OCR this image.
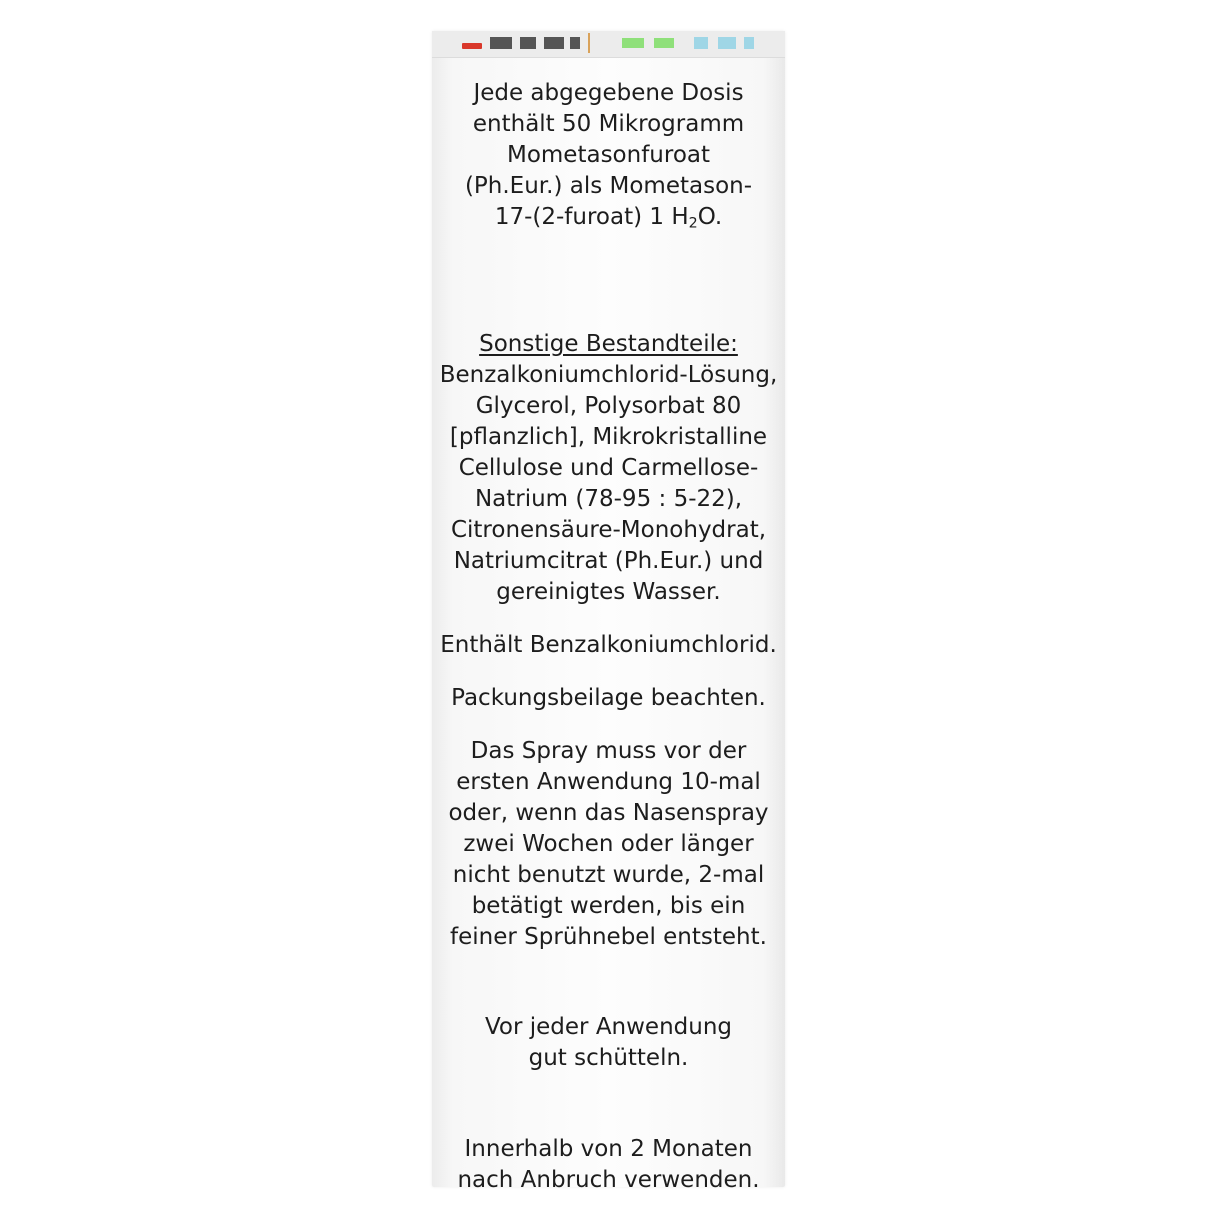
Jede abgegebene Dosis
enthält 50 Mikrogramm
Mometasonfuroat
(Ph.Eur.) als Mometason-
17-(2-furoat) 1 $H_2O$.
Sonstige Bestandteile:
Benzalkoniumchlorid-Lösung,
Glycerol, Polysorbat 80
[pflanzlich], Mikrokristalline
Cellulose und Carmellose-
Natrium (78-95 : 5-22),
Citronensäure-Monohydrat,
Natriumcitrat (Ph.Eur.) und
gereinigtes Wasser.
Enthält Benzalkoniumchlorid.
Packungsbeilage beachten.
Das Spray muss vor der
ersten Anwendung 10-mal
oder, wenn das Nasenspray
zwei Wochen oder länger
nicht benutzt wurde, 2-mal
betätigt werden, bis ein
feiner Sprühnebel entsteht.
Vor jeder Anwendung
gut schütteln.
Innerhalb von 2 Monaten
nach Anbruch verwenden.
